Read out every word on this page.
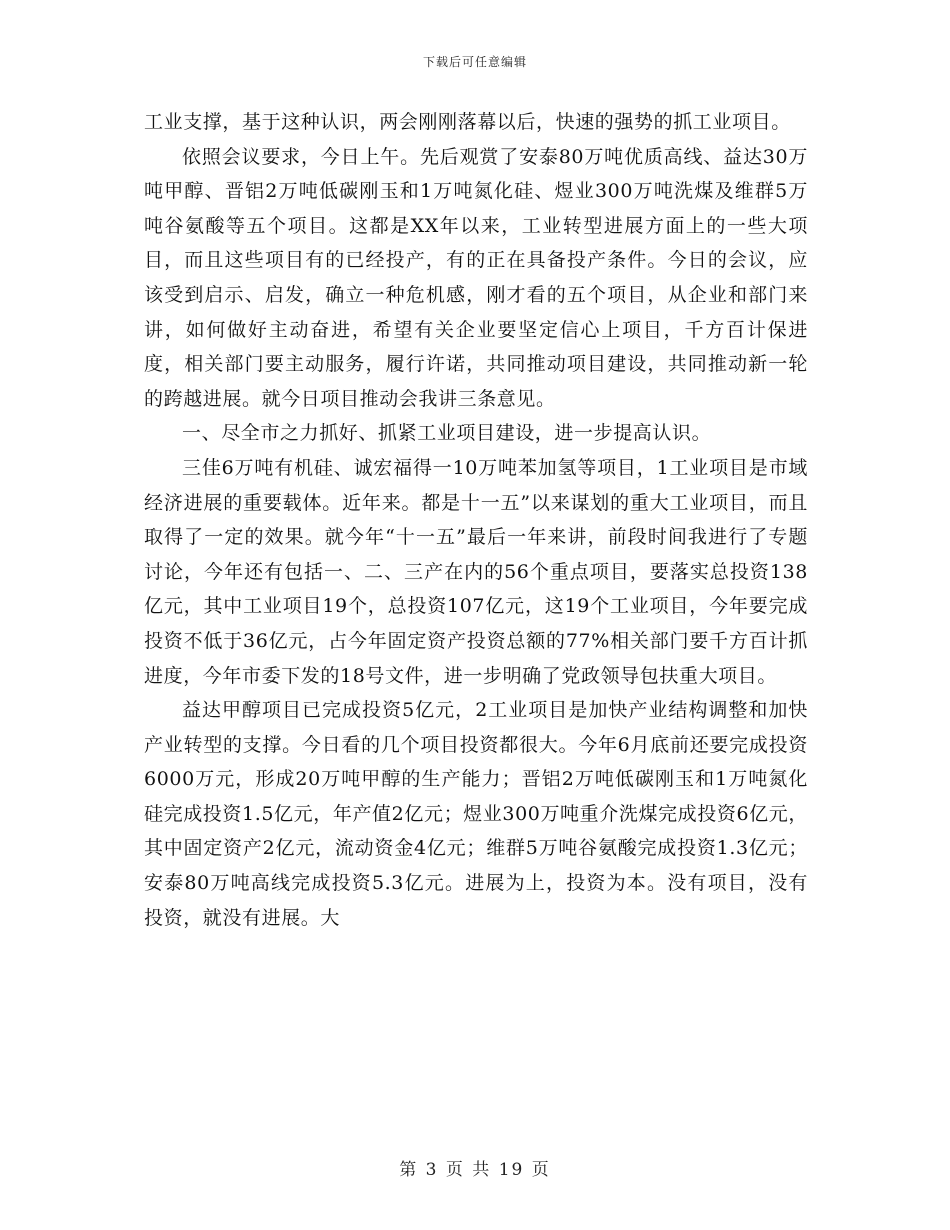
下载后可任意编辑

工业支撑，基于这种认识，两会刚刚落幕以后，快速的强势的抓工业项目。

依照会议要求，今日上午。先后观赏了安泰80万吨优质高线、益达30万吨甲醇、晋铝2万吨低碳刚玉和1万吨氮化硅、煜业300万吨洗煤及维群5万吨谷氨酸等五个项目。这都是XX年以来，工业转型进展方面上的一些大项目，而且这些项目有的已经投产，有的正在具备投产条件。今日的会议，应该受到启示、启发，确立一种危机感，刚才看的五个项目，从企业和部门来讲，如何做好主动奋进，希望有关企业要坚定信心上项目，千方百计保进度，相关部门要主动服务，履行许诺，共同推动项目建设，共同推动新一轮的跨越进展。就今日项目推动会我讲三条意见。

一、尽全市之力抓好、抓紧工业项目建设，进一步提高认识。

三佳6万吨有机硅、诚宏福得一10万吨苯加氢等项目，1工业项目是市域经济进展的重要载体。近年来。都是十一五”以来谋划的重大工业项目，而且取得了一定的效果。就今年“十一五”最后一年来讲，前段时间我进行了专题讨论，今年还有包括一、二、三产在内的56个重点项目，要落实总投资138亿元，其中工业项目19个，总投资107亿元，这19个工业项目，今年要完成投资不低于36亿元，占今年固定资产投资总额的77%相关部门要千方百计抓进度，今年市委下发的18号文件，进一步明确了党政领导包扶重大项目。

益达甲醇项目已完成投资5亿元，2工业项目是加快产业结构调整和加快产业转型的支撑。今日看的几个项目投资都很大。今年6月底前还要完成投资6000万元，形成20万吨甲醇的生产能力；晋铝2万吨低碳刚玉和1万吨氮化硅完成投资1.5亿元，年产值2亿元；煜业300万吨重介洗煤完成投资6亿元，其中固定资产2亿元，流动资金4亿元；维群5万吨谷氨酸完成投资1.3亿元；安泰80万吨高线完成投资5.3亿元。进展为上，投资为本。没有项目，没有投资，就没有进展。大

第 3 页 共 19 页
